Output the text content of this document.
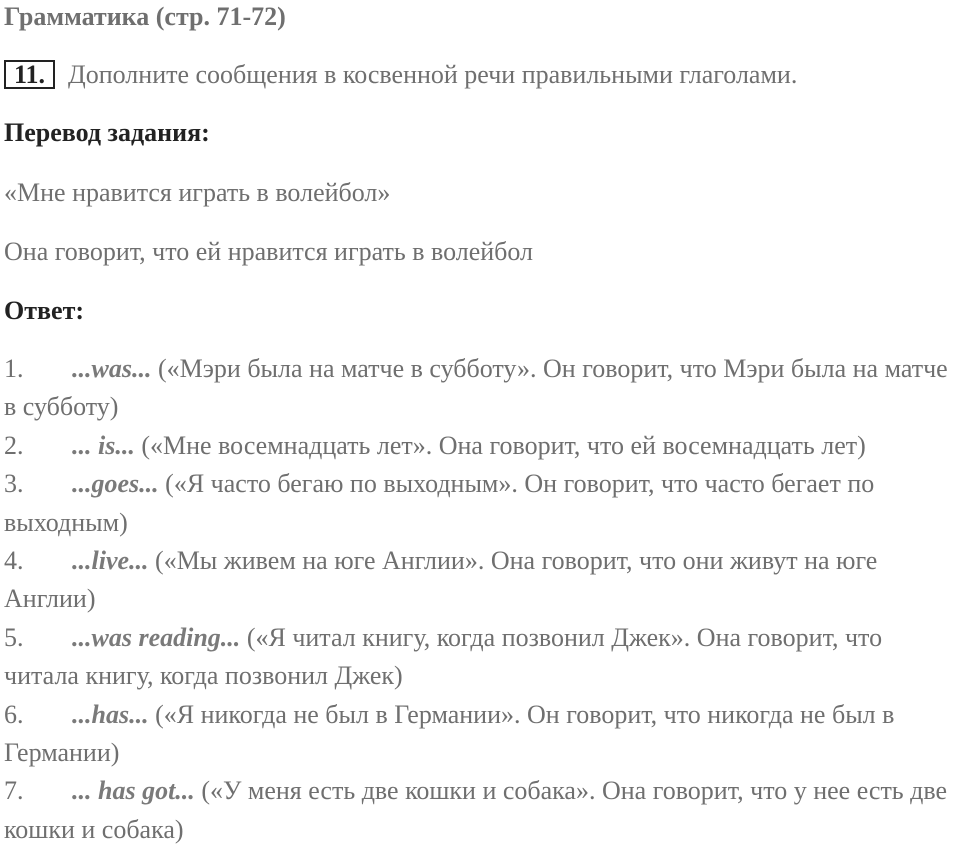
Грамматика (стр. 71-72)
11. Дополните сообщения в косвенной речи правильными глаголами.
Перевод задания:
«Мне нравится играть в волейбол»
Она говорит, что ей нравится играть в волейбол
Ответ:

1. ...was... («Мэри была на матче в субботу». Он говорит, что Мэри была на матче в субботу)

2. ... is... («Мне восемнадцать лет». Она говорит, что ей восемнадцать лет)

3. ...goes... («Я часто бегаю по выходным». Он говорит, что часто бегает по выходным)

4. ...live... («Мы живем на юге Англии». Она говорит, что они живут на юге Англии)

5. ...was reading... («Я читал книгу, когда позвонил Джек». Она говорит, что читала книгу, когда позвонил Джек)

6. ...has... («Я никогда не был в Германии». Он говорит, что никогда не был в Германии)

7. ... has got... («У меня есть две кошки и собака». Она говорит, что у нее есть две кошки и собака)
